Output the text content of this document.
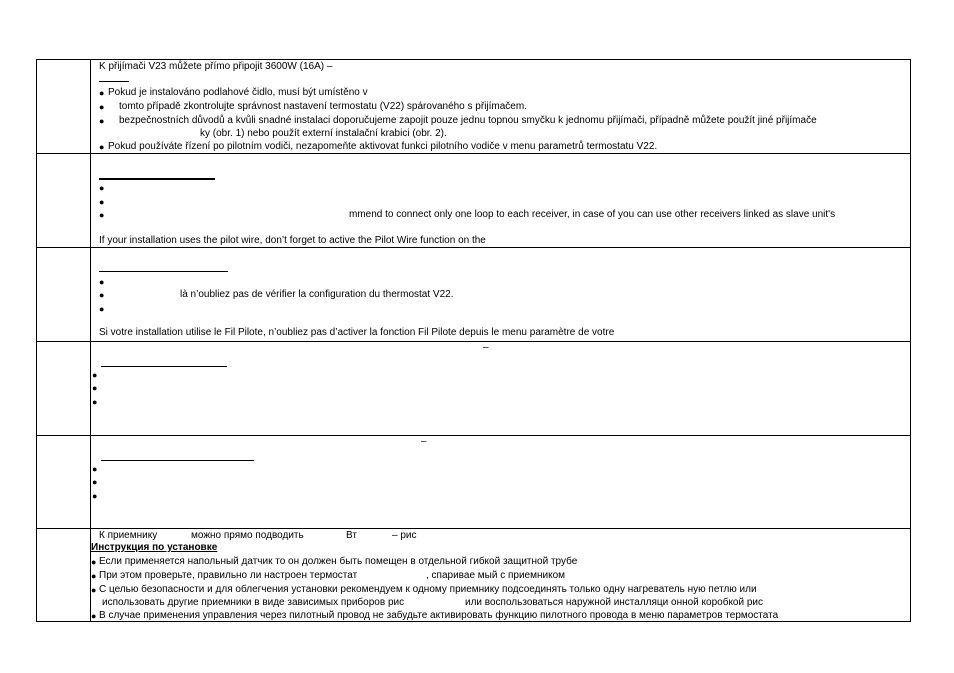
K přijímači V23 můžete přímo připojit 3600W (16A) –
● Pokud je instalováno podlahové čidlo, musí být umístěno v
● tomto případě zkontrolujte správnost nastavení termostatu (V22) spárovaného s přijímačem.
● bezpečnostních důvodů a kvůli snadné instalaci doporučujeme zapojit pouze jednu topnou smyčku k jednomu přijímači, případně můžete použít jiné přijímače
ky (obr. 1) nebo použít externí instalační krabici (obr. 2).
● Pokud používáte řízení po pilotním vodiči, nezapomeňte aktivovat funkci pilotního vodiče v menu parametrů termostatu V22.
●
●
●	mmend to connect only one loop to each receiver, in case of you can use other receivers linked as slave unit's
If your installation uses the pilot wire, don’t forget to active the Pilot Wire function on the
●
●	là n’oubliez pas de vérifier la configuration du thermostat V22.
●
Si votre installation utilise le Fil Pilote, n’oubliez pas d’activer la fonction Fil Pilote depuis le menu paramètre de votre
–
●
●
●
–
●
●
●
К приемнику	можно прямо подводить	Вт	– рис
Инструкция по установке
● Если применяется напольный датчик то он должен быть помещен в отдельной гибкой защитной трубе
● При этом проверьте, правильно ли настроен термостат	, спаривае мый с приемником
● С целью безопасности и для облегчения установки рекомендуем к одному приемнику подсоединять только одну нагреватель ную петлю или
использовать другие приемники в виде зависимых приборов рис	или воспользоваться наружной инсталляци онной коробкой рис
● В случае применения управления через пилотный провод не забудьте активировать функцию пилотного провода в меню параметров термостата
